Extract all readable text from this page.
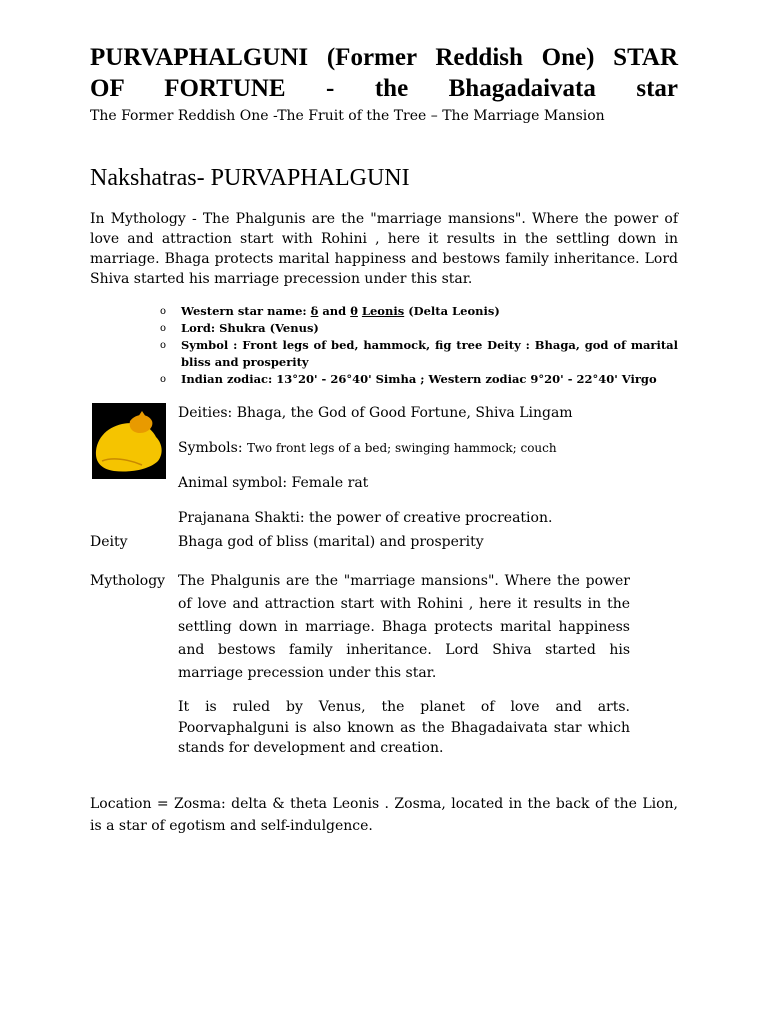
PURVAPHALGUNI (Former Reddish One) STAR
OF FORTUNE - the Bhagadaivata star
The Former Reddish One -The Fruit of the Tree – The Marriage Mansion
Nakshatras- PURVAPHALGUNI
In Mythology - The Phalgunis are the "marriage mansions". Where the power of love and attraction start with Rohini , here it results in the settling down in marriage. Bhaga protects marital happiness and bestows family inheritance. Lord Shiva started his marriage precession under this star.
o Western star name: δ and θ Leonis (Delta Leonis)
o Lord: Shukra (Venus)
o Symbol : Front legs of bed, hammock, fig tree Deity : Bhaga, god of marital bliss and prosperity
o Indian zodiac: 13°20' - 26°40' Simha ; Western zodiac 9°20' - 22°40' Virgo
Deities: Bhaga, the God of Good Fortune, Shiva Lingam
Symbols: Two front legs of a bed; swinging hammock; couch
Animal symbol: Female rat
Prajanana Shakti: the power of creative procreation.
Deity	Bhaga god of bliss (marital) and prosperity
Mythology The Phalgunis are the "marriage mansions". Where the power of love and attraction start with Rohini , here it results in the settling down in marriage. Bhaga protects marital happiness and bestows family inheritance. Lord Shiva started his marriage precession under this star.
It is ruled by Venus, the planet of love and arts. Poorvaphalguni is also known as the Bhagadaivata star which stands for development and creation.
Location = Zosma: delta & theta Leonis . Zosma, located in the back of the Lion, is a star of egotism and self-indulgence.
